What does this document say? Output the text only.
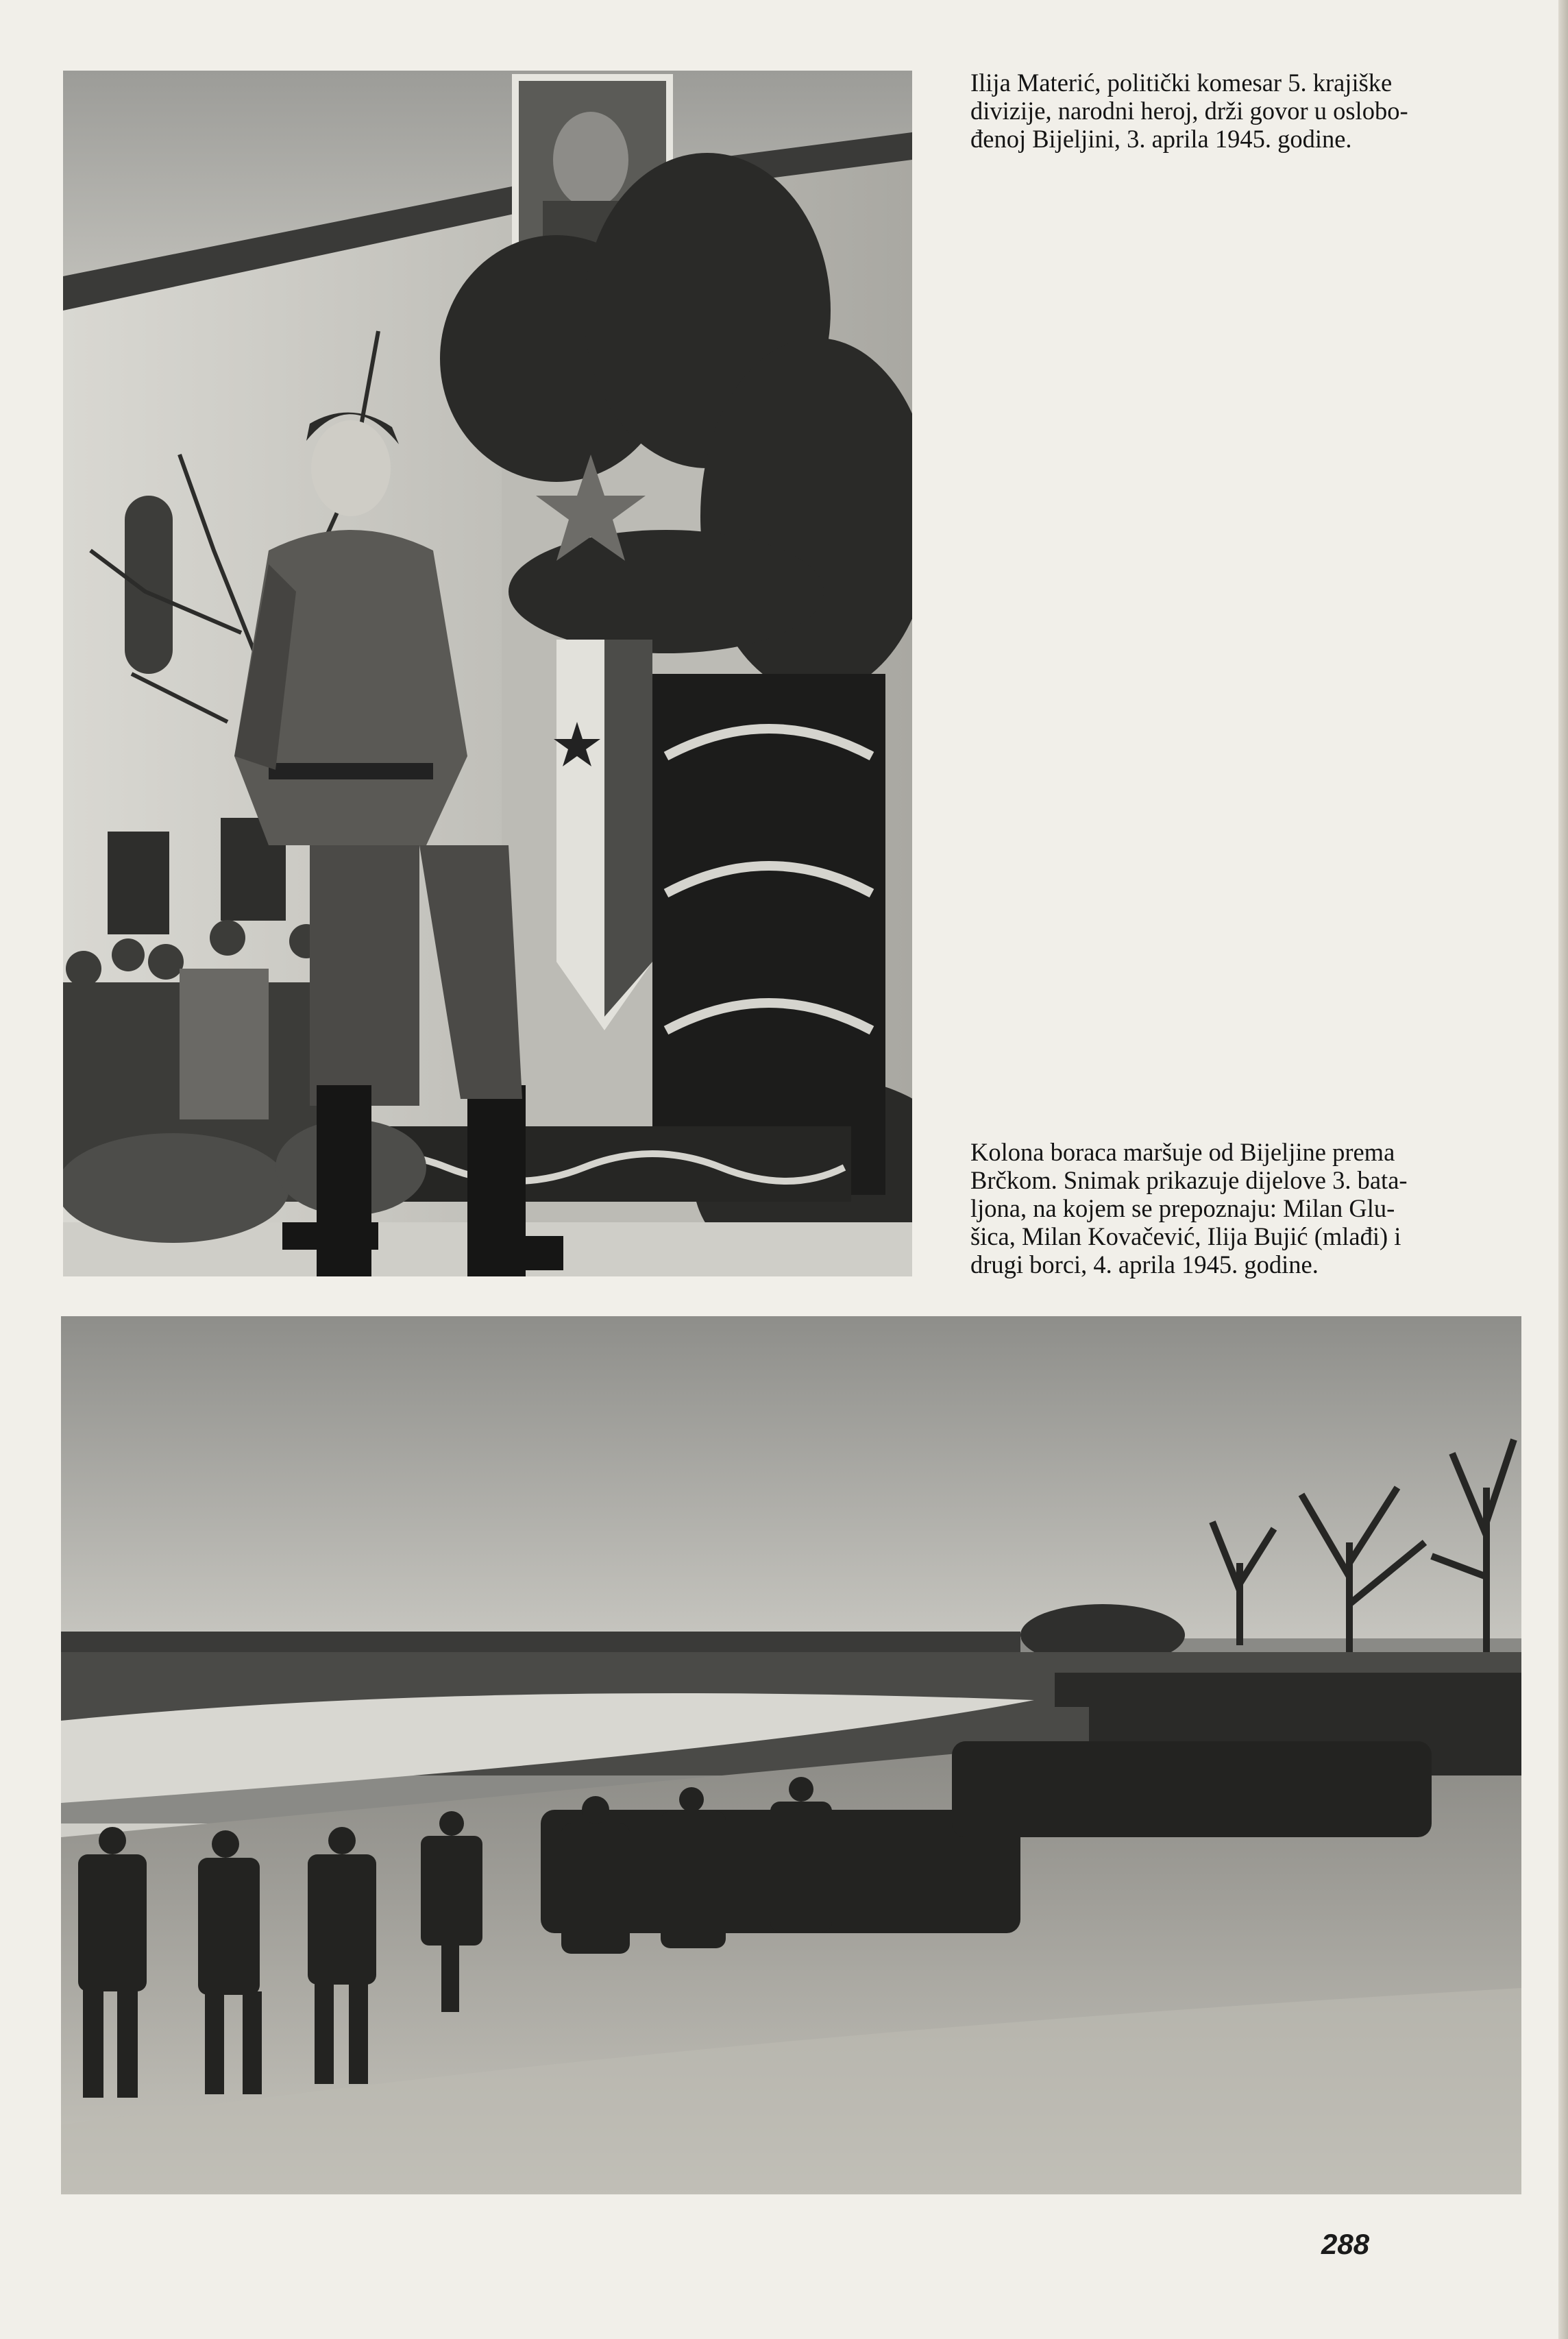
Ilija Materić, politički komesar 5. krajiške
divizije, narodni heroj, drži govor u oslobo-
đenoj Bijeljini, 3. aprila 1945. godine.

Kolona boraca maršuje od Bijeljine prema
Brčkom. Snimak prikazuje dijelove 3. bata-
ljona, na kojem se prepoznaju: Milan Glu-
šica, Milan Kovačević, Ilija Bujić (mlađi) i
drugi borci, 4. aprila 1945. godine.

288
